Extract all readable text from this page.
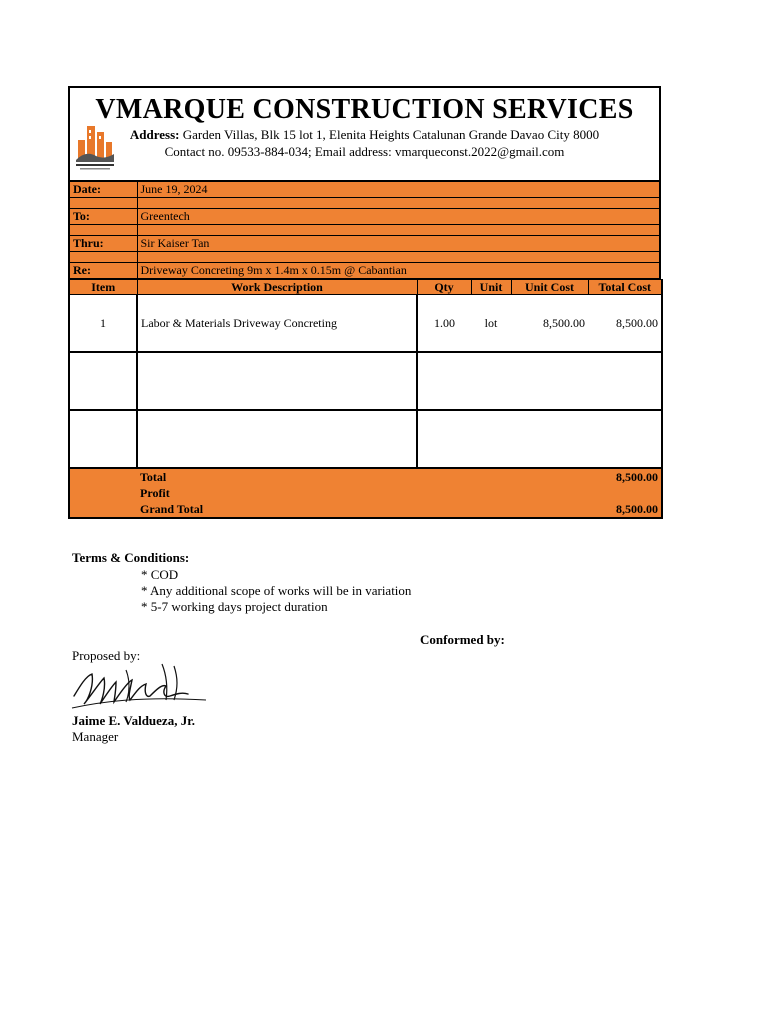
VMARQUE CONSTRUCTION SERVICES
Address: Garden Villas, Blk 15 lot 1, Elenita Heights Catalunan Grande Davao City 8000
Contact no. 09533-884-034; Email address: vmarqueconst.2022@gmail.com
Date:	June 19, 2024

To:	Greentech

Thru:	Sir Kaiser Tan

Re:	Driveway Concreting 9m x 1.4m x 0.15m @ Cabantian
Item	Work Description	Qty	Unit	Unit Cost	Total Cost
1	Labor & Materials Driveway Concreting	1.00	lot	8,500.00	8,500.00

	Total				8,500.00
	Profit				
	Grand Total				8,500.00
Terms & Conditions:
* COD
* Any additional scope of works will be in variation
* 5-7 working days project duration
Conformed by:
Proposed by:
Jaime E. Valdueza, Jr.
Manager
